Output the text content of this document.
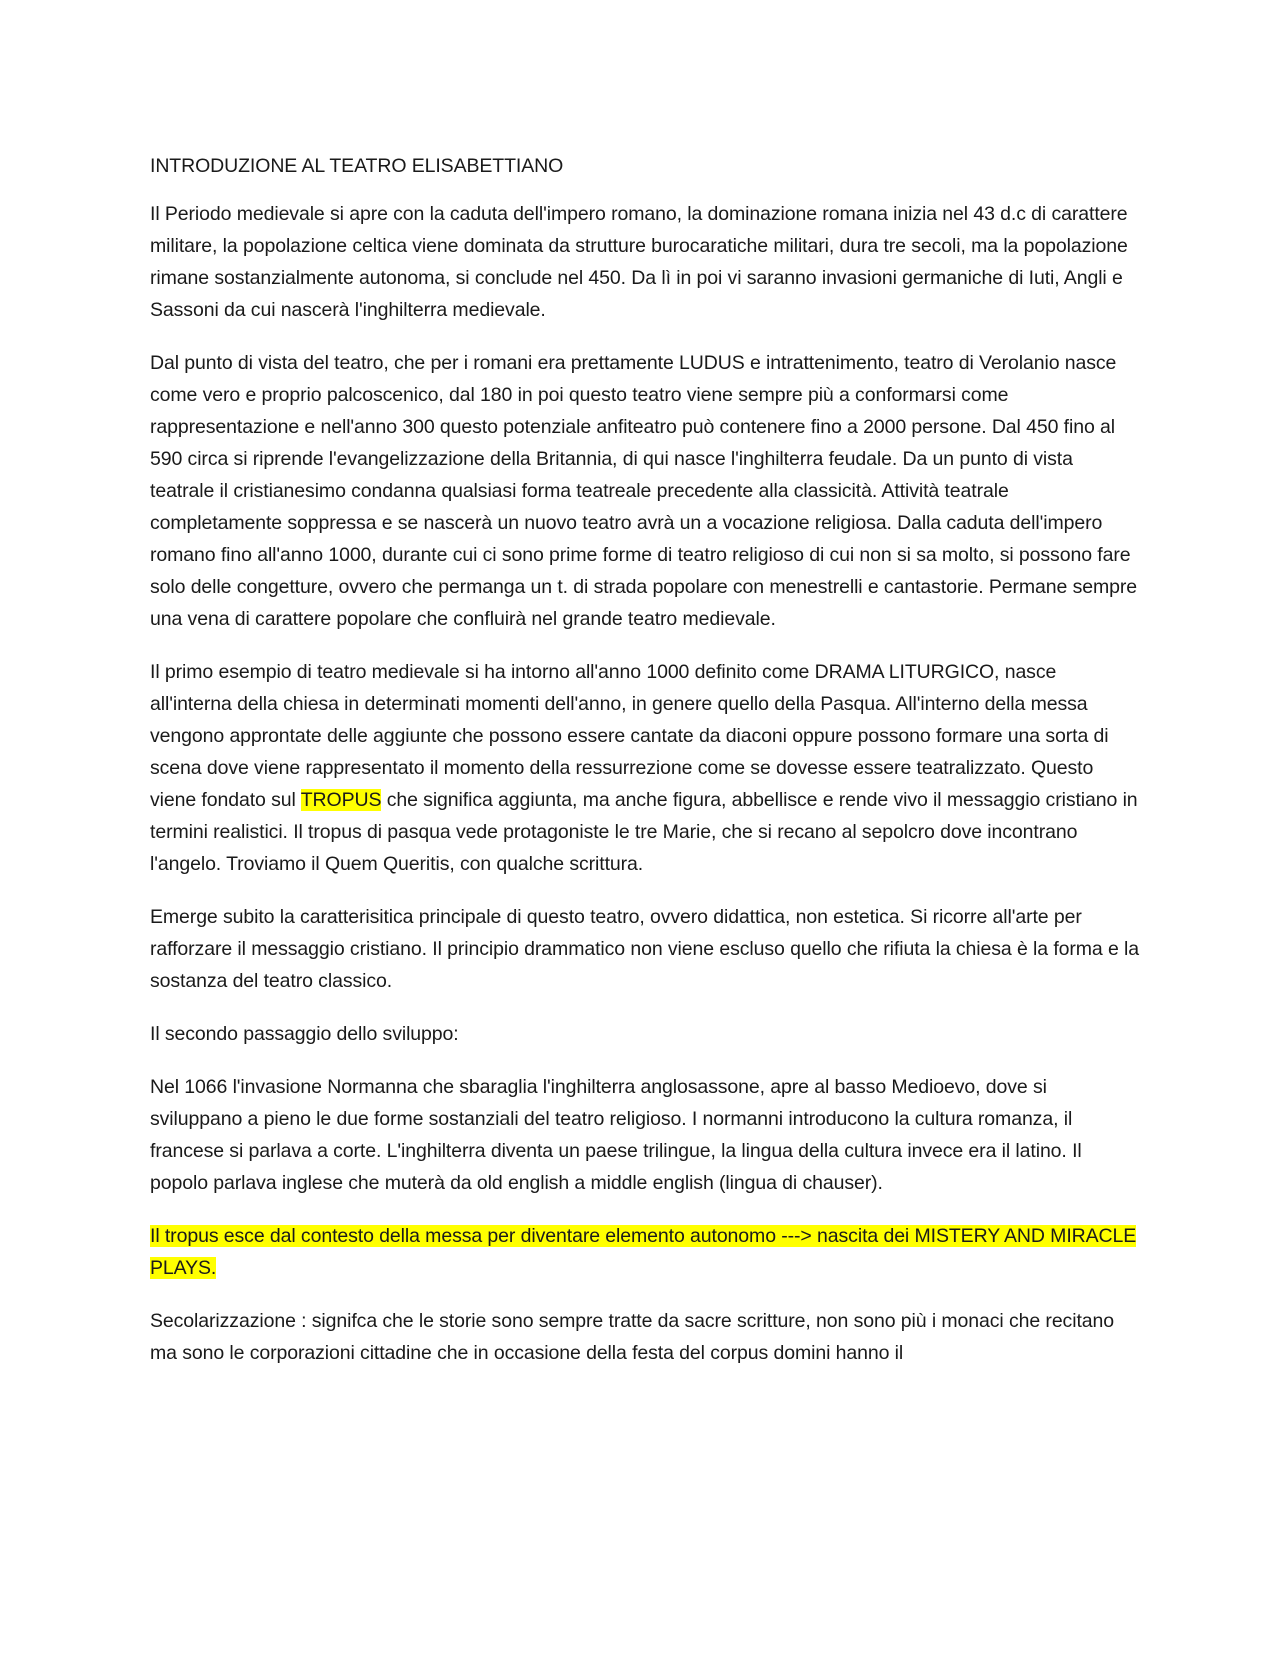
INTRODUZIONE AL TEATRO ELISABETTIANO

Il Periodo medievale si apre con la caduta dell'impero romano, la dominazione romana inizia nel 43 d.c di carattere militare, la popolazione celtica viene dominata da strutture burocaratiche militari, dura tre secoli, ma la popolazione rimane sostanzialmente autonoma, si conclude nel 450. Da lì in poi vi saranno invasioni germaniche di Iuti, Angli e Sassoni da cui nascerà l'inghilterra medievale.

Dal punto di vista del teatro, che per i romani era prettamente LUDUS e intrattenimento, teatro di Verolanio nasce come vero e proprio palcoscenico, dal 180 in poi questo teatro viene sempre più a conformarsi come rappresentazione e nell'anno 300 questo potenziale anfiteatro può contenere fino a 2000 persone. Dal 450 fino al 590 circa si riprende l'evangelizzazione della Britannia, di qui nasce l'inghilterra feudale. Da un punto di vista teatrale il cristianesimo condanna qualsiasi forma teatreale precedente alla classicità. Attività teatrale completamente soppressa e se nascerà un nuovo teatro avrà un a vocazione religiosa. Dalla caduta dell'impero romano fino all'anno 1000, durante cui ci sono prime forme di teatro religioso di cui non si sa molto, si possono fare solo delle congetture, ovvero che permanga un t. di strada popolare con menestrelli e cantastorie. Permane sempre una vena di carattere popolare che confluirà nel grande teatro medievale.

Il primo esempio di teatro medievale si ha intorno all'anno 1000 definito come DRAMA LITURGICO, nasce all'interna della chiesa in determinati momenti dell'anno, in genere quello della Pasqua. All'interno della messa vengono approntate delle aggiunte che possono essere cantate da diaconi oppure possono formare una sorta di scena dove viene rappresentato il momento della ressurrezione come se dovesse essere teatralizzato. Questo viene fondato sul TROPUS che significa aggiunta, ma anche figura, abbellisce e rende vivo il messaggio cristiano in termini realistici. Il tropus di pasqua vede protagoniste le tre Marie, che si recano al sepolcro dove incontrano l'angelo. Troviamo il Quem Queritis, con qualche scrittura.

Emerge subito la caratterisitica principale di questo teatro, ovvero didattica, non estetica. Si ricorre all'arte per rafforzare il messaggio cristiano. Il principio drammatico non viene escluso quello che rifiuta la chiesa è la forma e la sostanza del teatro classico.

Il secondo passaggio dello sviluppo:

Nel 1066 l'invasione Normanna che sbaraglia l'inghilterra anglosassone, apre al basso Medioevo, dove si sviluppano a pieno le due forme sostanziali del teatro religioso. I normanni introducono la cultura romanza, il francese si parlava a corte. L'inghilterra diventa un paese trilingue, la lingua della cultura invece era il latino. Il popolo parlava inglese che muterà da old english a middle english (lingua di chauser).

Il tropus esce dal contesto della messa per diventare elemento autonomo ---> nascita dei MISTERY AND MIRACLE PLAYS.

Secolarizzazione : signifca che le storie sono sempre tratte da sacre scritture, non sono più i monaci che recitano ma sono le corporazioni cittadine che in occasione della festa del corpus domini hanno il
